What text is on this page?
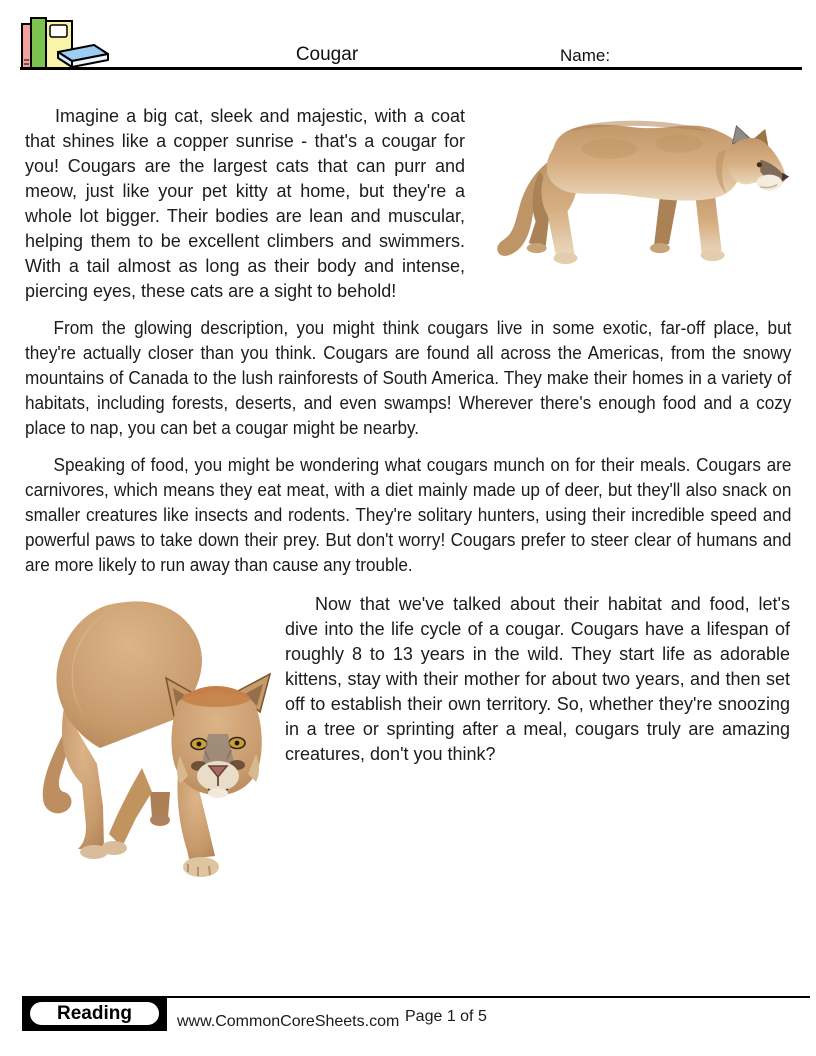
Cougar	Name:

Imagine a big cat, sleek and majestic, with a coat that shines like a copper sunrise - that's a cougar for you! Cougars are the largest cats that can purr and meow, just like your pet kitty at home, but they're a whole lot bigger. Their bodies are lean and muscular, helping them to be excellent climbers and swimmers. With a tail almost as long as their body and intense, piercing eyes, these cats are a sight to behold!

From the glowing description, you might think cougars live in some exotic, far-off place, but they're actually closer than you think. Cougars are found all across the Americas, from the snowy mountains of Canada to the lush rainforests of South America. They make their homes in a variety of habitats, including forests, deserts, and even swamps! Wherever there's enough food and a cozy place to nap, you can bet a cougar might be nearby.

Speaking of food, you might be wondering what cougars munch on for their meals. Cougars are carnivores, which means they eat meat, with a diet mainly made up of deer, but they'll also snack on smaller creatures like insects and rodents. They're solitary hunters, using their incredible speed and powerful paws to take down their prey. But don't worry! Cougars prefer to steer clear of humans and are more likely to run away than cause any trouble.

Now that we've talked about their habitat and food, let's dive into the life cycle of a cougar. Cougars have a lifespan of roughly 8 to 13 years in the wild. They start life as adorable kittens, stay with their mother for about two years, and then set off to establish their own territory. So, whether they're snoozing in a tree or sprinting after a meal, cougars truly are amazing creatures, don't you think?

Reading	www.CommonCoreSheets.com Page 1 of 5
